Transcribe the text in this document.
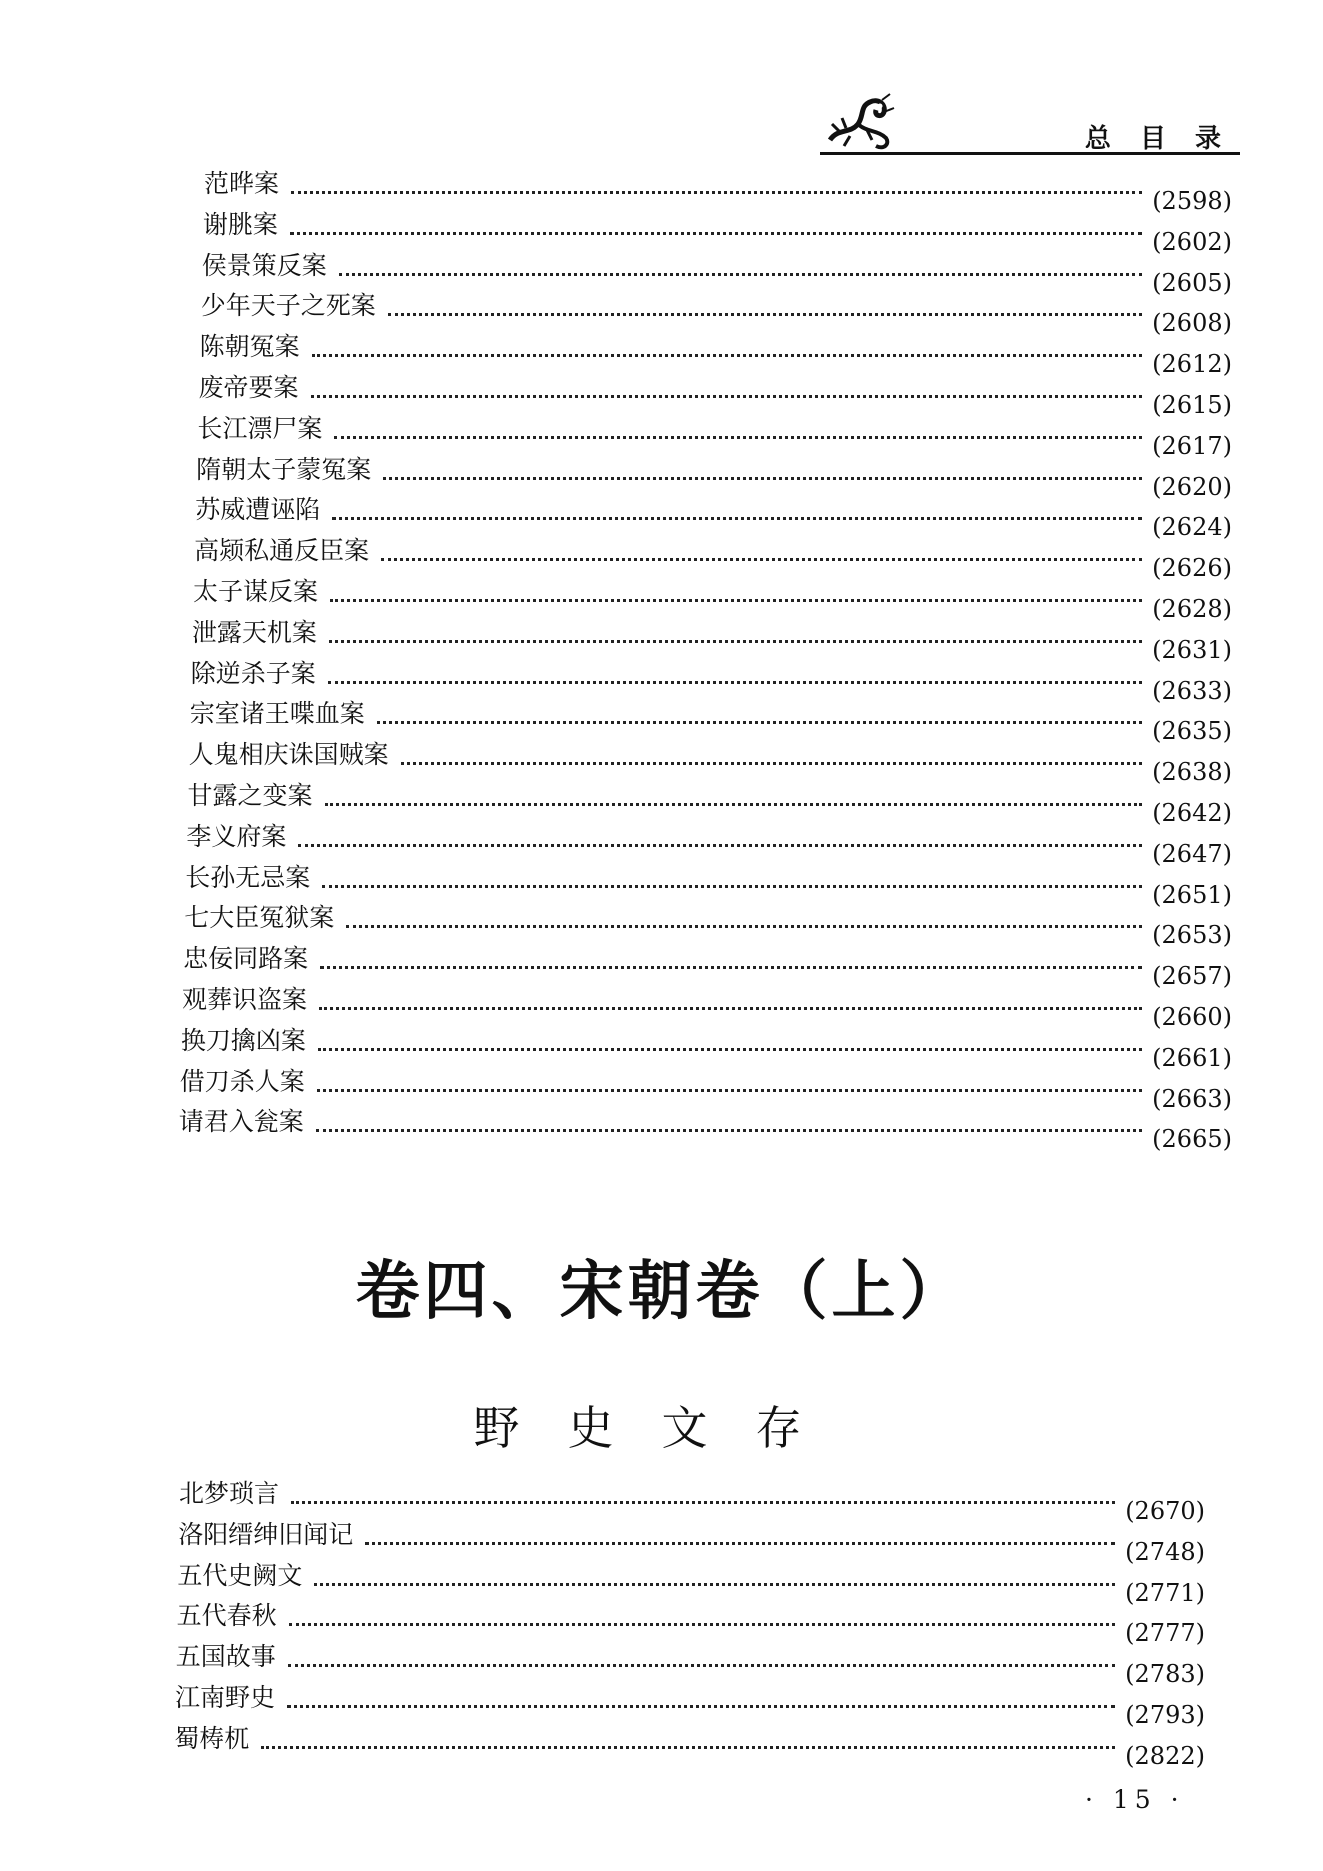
总 目 录
范晔案
(2598)
谢朓案
(2602)
侯景策反案
(2605)
少年天子之死案
(2608)
陈朝冤案
(2612)
废帝要案
(2615)
长江漂尸案
(2617)
隋朝太子蒙冤案
(2620)
苏威遭诬陷
(2624)
高颎私通反臣案
(2626)
太子谋反案
(2628)
泄露天机案
(2631)
除逆杀子案
(2633)
宗室诸王喋血案
(2635)
人鬼相庆诛国贼案
(2638)
甘露之变案
(2642)
李义府案
(2647)
长孙无忌案
(2651)
七大臣冤狱案
(2653)
忠佞同路案
(2657)
观葬识盗案
(2660)
换刀擒凶案
(2661)
借刀杀人案
(2663)
请君入瓮案
(2665)
卷四、宋朝卷（上）
野史文存
北梦琐言
(2670)
洛阳缙绅旧闻记
(2748)
五代史阙文
(2771)
五代春秋
(2777)
五国故事
(2783)
江南野史
(2793)
蜀梼杌
(2822)
· 15 ·
